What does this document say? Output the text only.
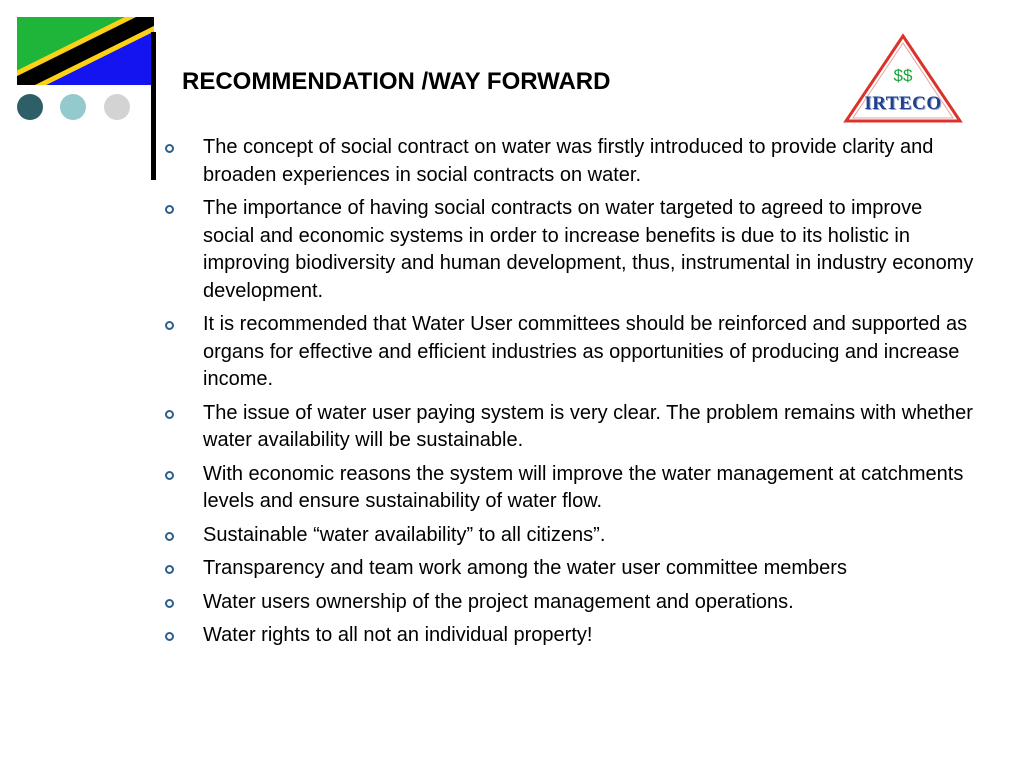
RECOMMENDATION /WAY FORWARD	$$
IRTECO
The concept of social contract on water was firstly introduced to provide clarity and broaden experiences in social contracts on water.
The importance of having social contracts on water targeted to agreed to improve social and economic systems in order to increase benefits is due to its holistic in improving biodiversity and human development, thus, instrumental in industry economy development.
It is recommended that Water User committees should be reinforced and supported as organs for effective and efficient industries as opportunities of producing and increase income.
The issue of water user paying system is very clear. The problem remains with whether water availability will be sustainable.
With economic reasons the system will improve the water management at catchments levels and ensure sustainability of water flow.
Sustainable “water availability” to all citizens”.
Transparency and team work among the water user committee members
Water users ownership of the project management and operations.
Water rights to all not an individual property!
